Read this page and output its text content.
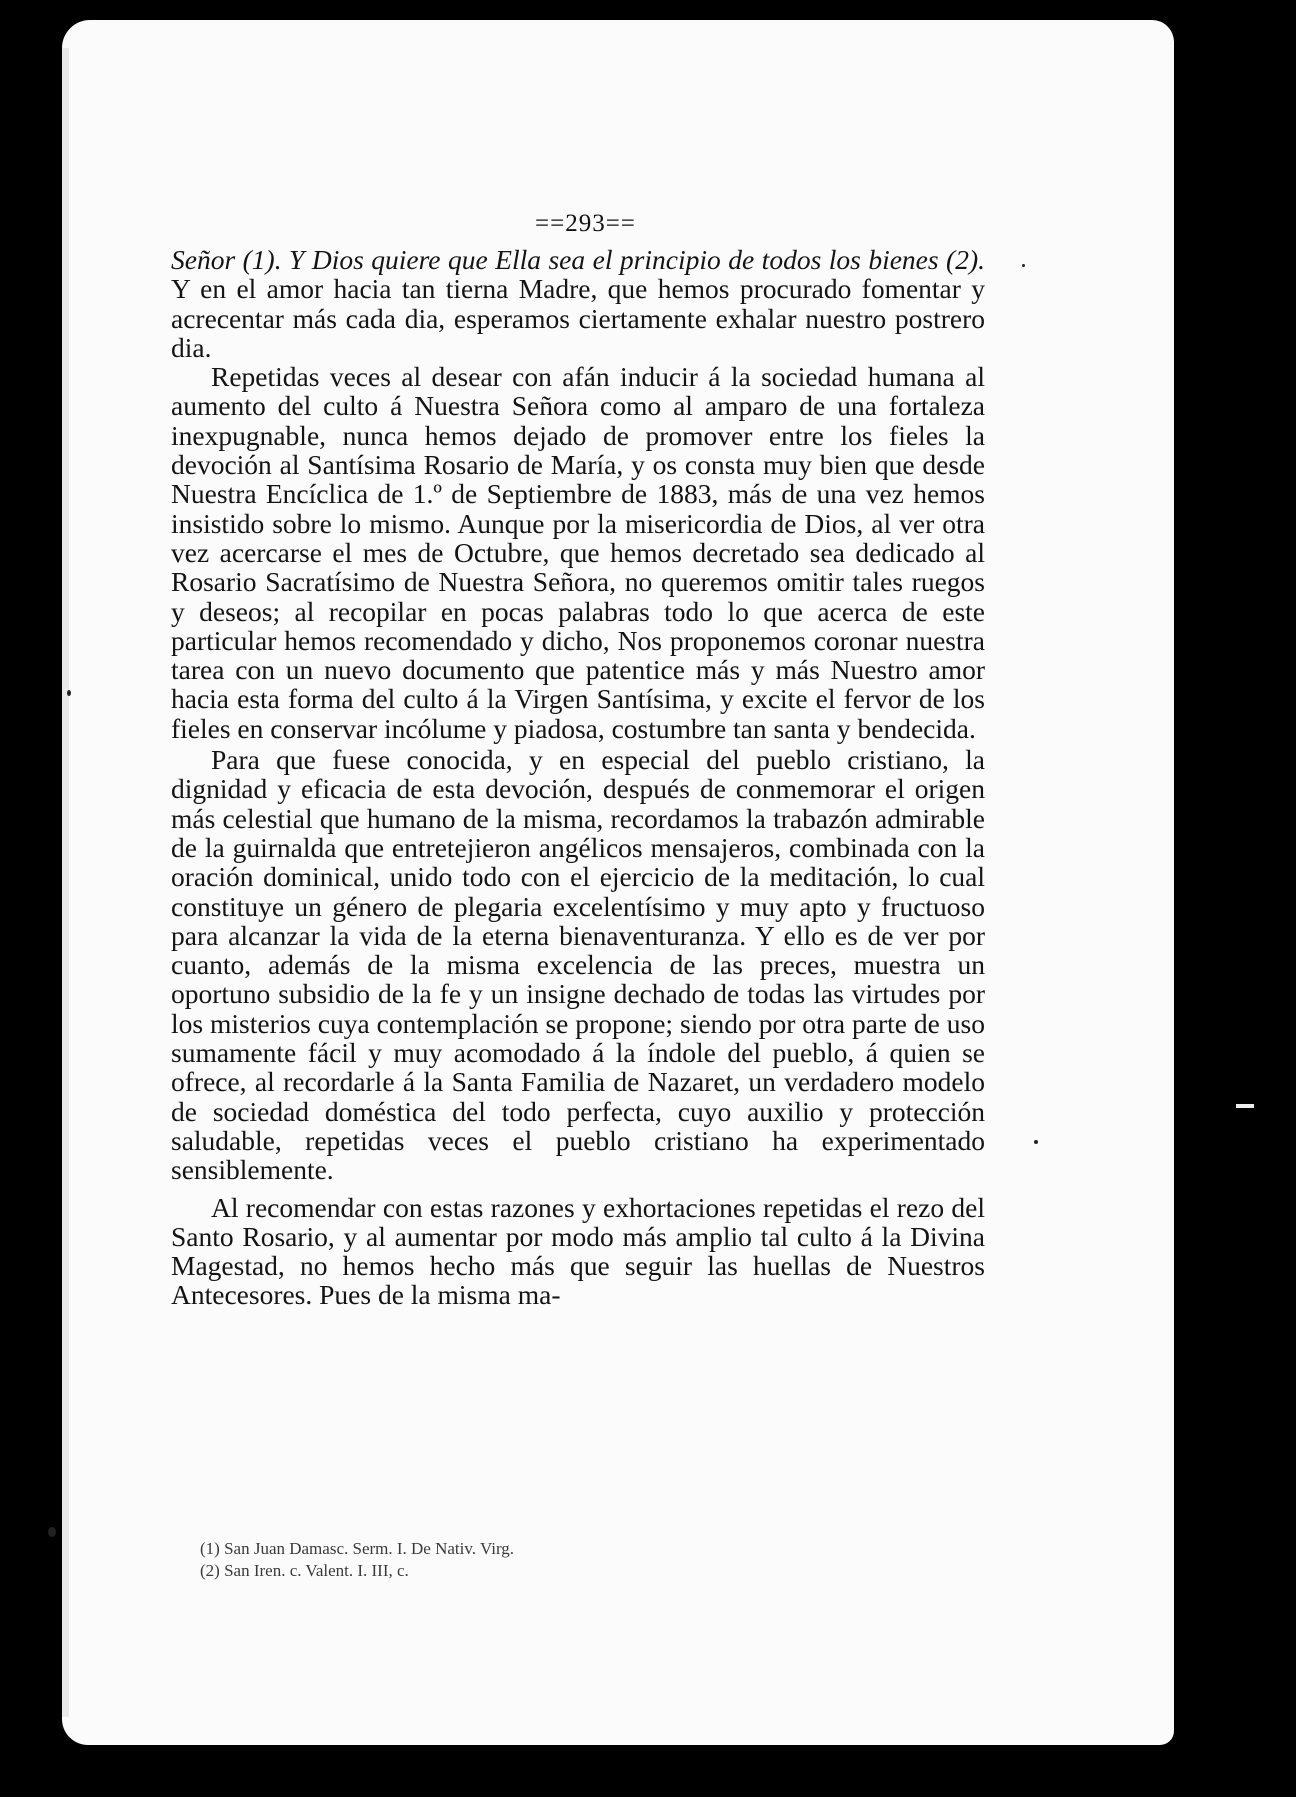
==293==

Señor (1). Y Dios quiere que Ella sea el principio de todos los bienes (2). Y en el amor hacia tan tierna Madre, que hemos procurado fomentar y acrecentar más cada dia, esperamos ciertamente exhalar nuestro postrero dia.

Repetidas veces al desear con afán inducir á la sociedad humana al aumento del culto á Nuestra Señora como al amparo de una fortaleza inexpugnable, nunca hemos dejado de promover entre los fieles la devoción al Santísima Rosario de María, y os consta muy bien que desde Nuestra Encíclica de 1.º de Septiembre de 1883, más de una vez hemos insistido sobre lo mismo. Aunque por la misericordia de Dios, al ver otra vez acercarse el mes de Octubre, que hemos decretado sea dedicado al Rosario Sacratísimo de Nuestra Señora, no queremos omitir tales ruegos y deseos; al recopilar en pocas palabras todo lo que acerca de este particular hemos recomendado y dicho, Nos proponemos coronar nuestra tarea con un nuevo documento que patentice más y más Nuestro amor hacia esta forma del culto á la Virgen Santísima, y excite el fervor de los fieles en conservar incólume y piadosa, costumbre tan santa y bendecida.

Para que fuese conocida, y en especial del pueblo cristiano, la dignidad y eficacia de esta devoción, después de conmemorar el origen más celestial que humano de la misma, recordamos la trabazón admirable de la guirnalda que entretejieron angélicos mensajeros, combinada con la oración dominical, unido todo con el ejercicio de la meditación, lo cual constituye un género de plegaria excelentísimo y muy apto y fructuoso para alcanzar la vida de la eterna bienaventuranza. Y ello es de ver por cuanto, además de la misma excelencia de las preces, muestra un oportuno subsidio de la fe y un insigne dechado de todas las virtudes por los misterios cuya contemplación se propone; siendo por otra parte de uso sumamente fácil y muy acomodado á la índole del pueblo, á quien se ofrece, al recordarle á la Santa Familia de Nazaret, un verdadero modelo de sociedad doméstica del todo perfecta, cuyo auxilio y protección saludable, repetidas veces el pueblo cristiano ha experimentado sensiblemente.

Al recomendar con estas razones y exhortaciones repetidas el rezo del Santo Rosario, y al aumentar por modo más amplio tal culto á la Divina Magestad, no hemos hecho más que seguir las huellas de Nuestros Antecesores. Pues de la misma ma-

(1) San Juan Damasc. Serm. I. De Nativ. Virg.
(2) San Iren. c. Valent. I. III, c.
